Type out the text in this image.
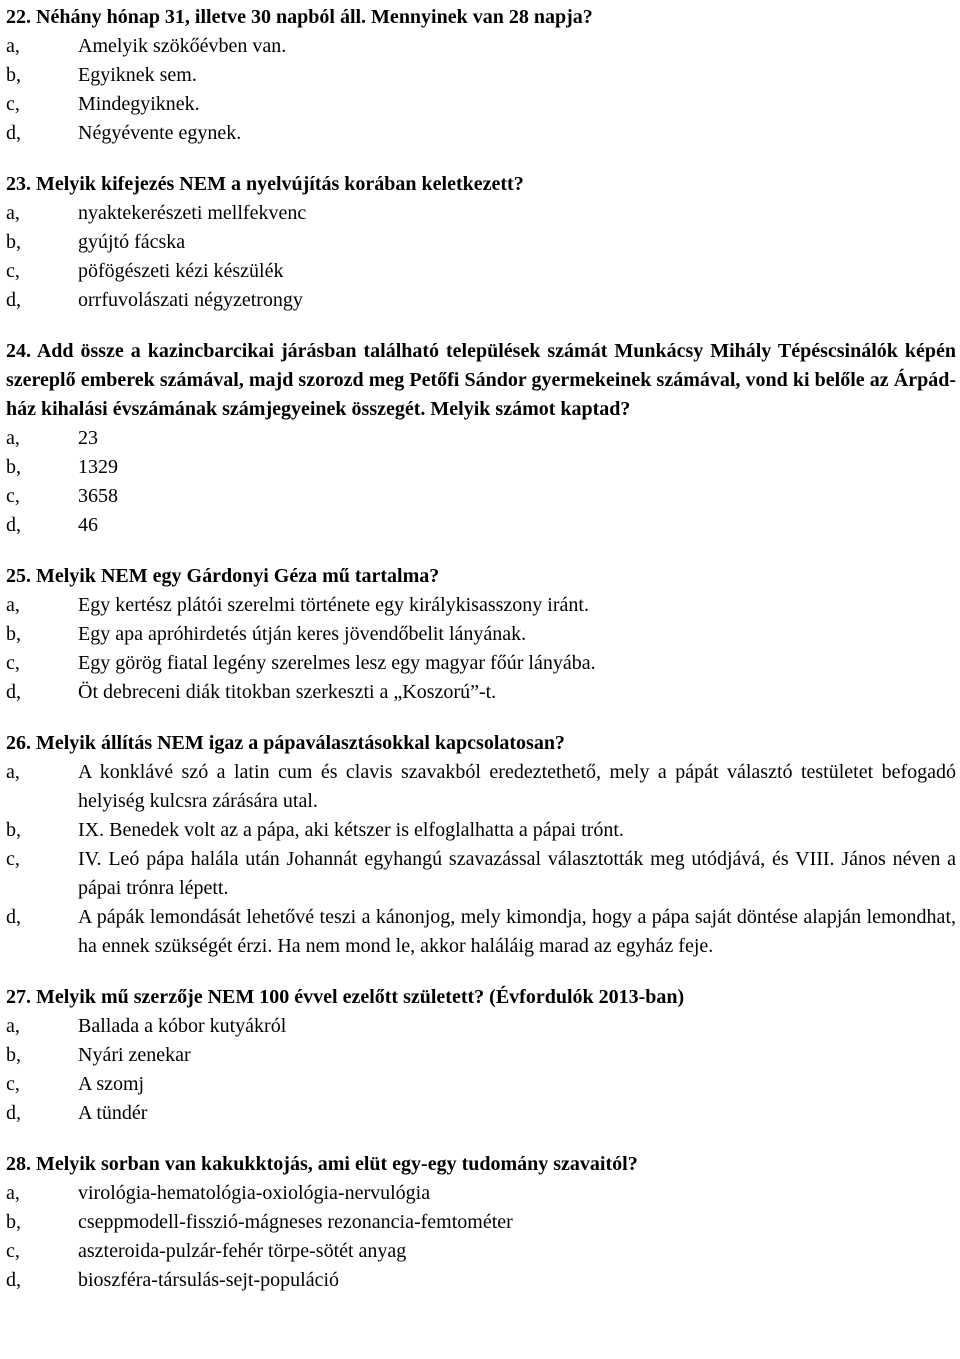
22. Néhány hónap 31, illetve 30 napból áll. Mennyinek van 28 napja?
a,	Amelyik szökőévben van.
b,	Egyiknek sem.
c,	Mindegyiknek.
d,	Négyévente egynek.
23. Melyik kifejezés NEM a nyelvújítás korában keletkezett?
a,	nyaktekerészeti mellfekvenc
b,	gyújtó fácska
c,	pöfögészeti kézi készülék
d,	orrfuvolászati négyzetrongy
24. Add össze a kazincbarcikai járásban található települések számát Munkácsy Mihály Tépéscsinálók képén szereplő emberek számával, majd szorozd meg Petőfi Sándor gyermekeinek számával, vond ki belőle az Árpád-ház kihalási évszámának számjegyeinek összegét. Melyik számot kaptad?
a,	23
b,	1329
c,	3658
d,	46
25. Melyik NEM egy Gárdonyi Géza mű tartalma?
a,	Egy kertész plátói szerelmi története egy királykisasszony iránt.
b,	Egy apa apróhirdetés útján keres jövendőbelit lányának.
c,	Egy görög fiatal legény szerelmes lesz egy magyar főúr lányába.
d,	Öt debreceni diák titokban szerkeszti a „Koszorú”-t.
26. Melyik állítás NEM igaz a pápaválasztásokkal kapcsolatosan?
a,	A konklávé szó a latin cum és clavis szavakból eredeztethető, mely a pápát választó testületet befogadó helyiség kulcsra zárására utal.
b,	IX. Benedek volt az a pápa, aki kétszer is elfoglalhatta a pápai trónt.
c,	IV. Leó pápa halála után Johannát egyhangú szavazással választották meg utódjává, és VIII. János néven a pápai trónra lépett.
d,	A pápák lemondását lehetővé teszi a kánonjog, mely kimondja, hogy a pápa saját döntése alapján lemondhat, ha ennek szükségét érzi. Ha nem mond le, akkor haláláig marad az egyház feje.
27. Melyik mű szerzője NEM 100 évvel ezelőtt született? (Évfordulók 2013-ban)
a,	Ballada a kóbor kutyákról
b,	Nyári zenekar
c,	A szomj
d,	A tündér
28. Melyik sorban van kakukktojás, ami elüt egy-egy tudomány szavaitól?
a,	virológia-hematológia-oxiológia-nervulógia
b,	cseppmodell-fisszió-mágneses rezonancia-femtométer
c,	aszteroida-pulzár-fehér törpe-sötét anyag
d,	bioszféra-társulás-sejt-populáció
